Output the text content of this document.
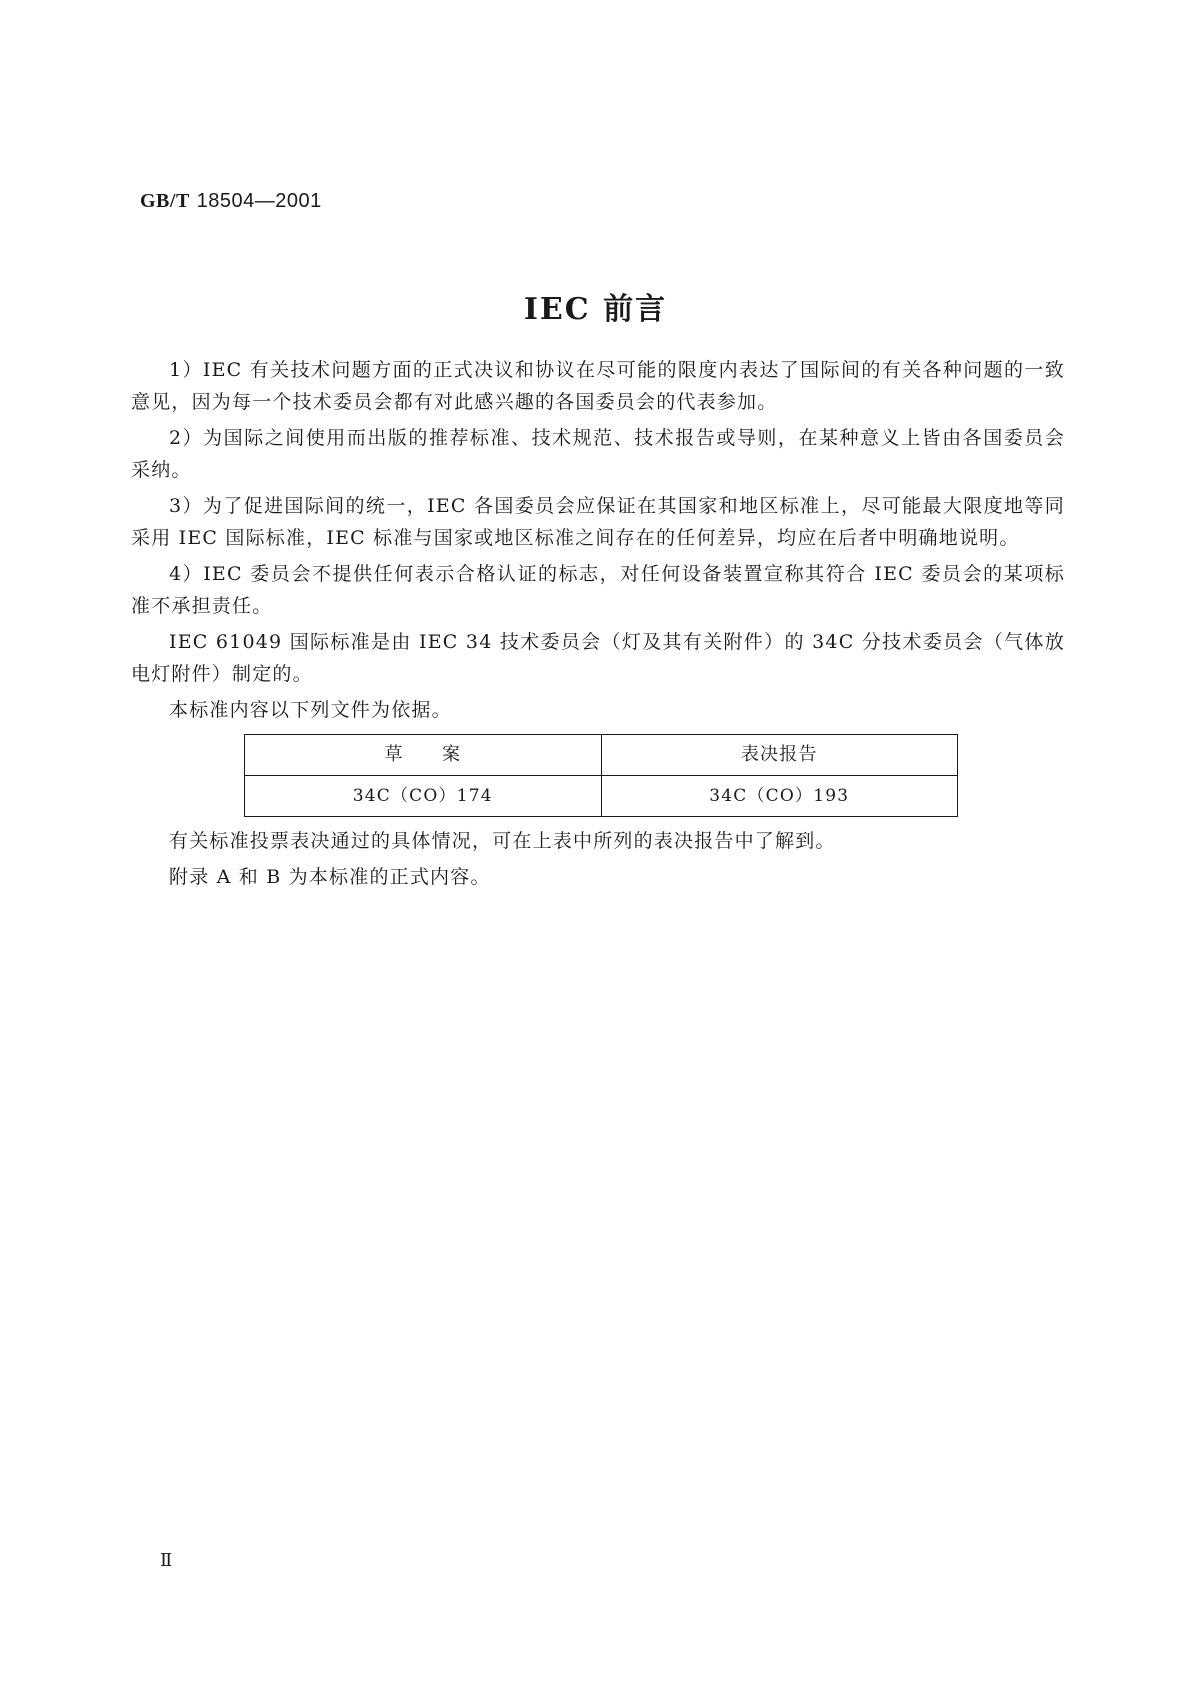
GB/T 18504—2001
IEC 前言

1）IEC 有关技术问题方面的正式决议和协议在尽可能的限度内表达了国际间的有关各种问题的一致意见，因为每一个技术委员会都有对此感兴趣的各国委员会的代表参加。

2）为国际之间使用而出版的推荐标准、技术规范、技术报告或导则，在某种意义上皆由各国委员会采纳。

3）为了促进国际间的统一，IEC 各国委员会应保证在其国家和地区标准上，尽可能最大限度地等同采用 IEC 国际标准，IEC 标准与国家或地区标准之间存在的任何差异，均应在后者中明确地说明。

4）IEC 委员会不提供任何表示合格认证的标志，对任何设备装置宣称其符合 IEC 委员会的某项标准不承担责任。

IEC 61049 国际标准是由 IEC 34 技术委员会（灯及其有关附件）的 34C 分技术委员会（气体放电灯附件）制定的。

本标准内容以下列文件为依据。

草　　案	表决报告
34C（CO）174	34C（CO）193

有关标准投票表决通过的具体情况，可在上表中所列的表决报告中了解到。

附录 A 和 B 为本标准的正式内容。

Ⅱ
